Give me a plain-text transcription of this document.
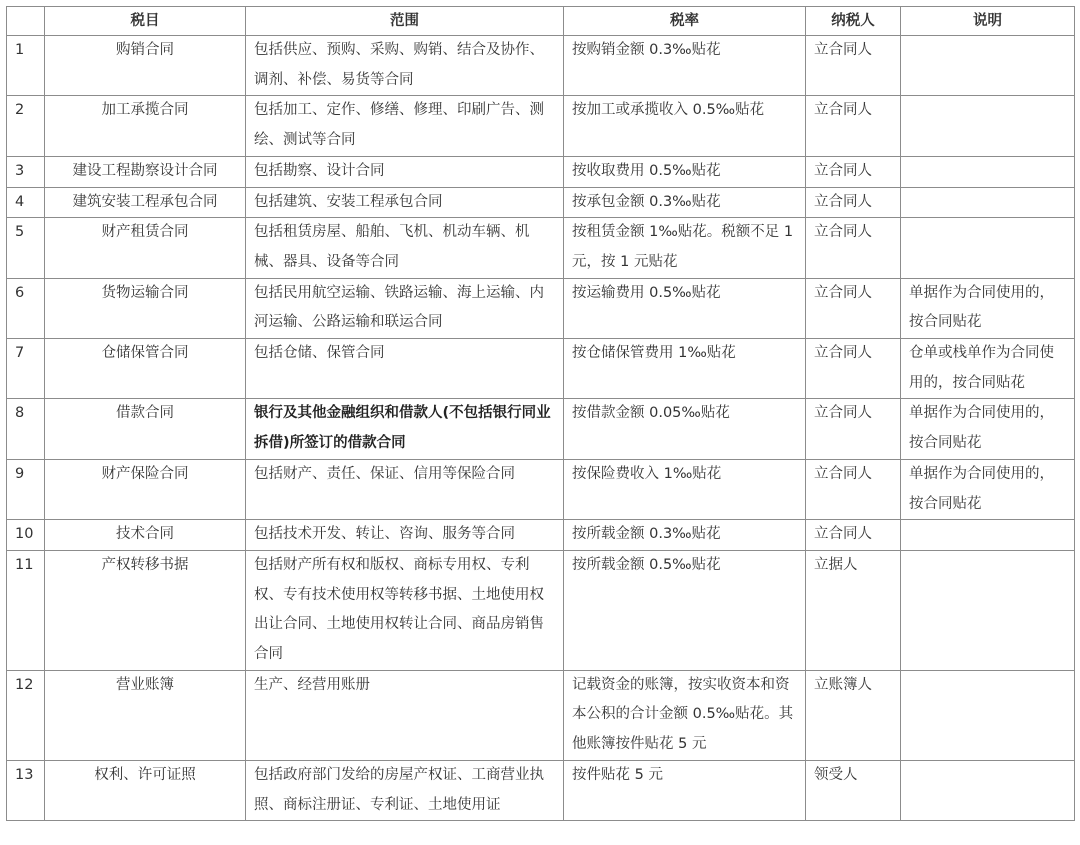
	税目	范围	税率	纳税人	说明
1	购销合同	包括供应、预购、采购、购销、结合及协作、调剂、补偿、易货等合同	按购销金额 0.3‰贴花	立合同人	
2	加工承揽合同	包括加工、定作、修缮、修理、印刷广告、测绘、测试等合同	按加工或承揽收入 0.5‰贴花	立合同人	
3	建设工程勘察设计合同	包括勘察、设计合同	按收取费用 0.5‰贴花	立合同人	
4	建筑安装工程承包合同	包括建筑、安装工程承包合同	按承包金额 0.3‰贴花	立合同人	
5	财产租赁合同	包括租赁房屋、船舶、飞机、机动车辆、机械、器具、设备等合同	按租赁金额 1‰贴花。税额不足 1 元，按 1 元贴花	立合同人	
6	货物运输合同	包括民用航空运输、铁路运输、海上运输、内河运输、公路运输和联运合同	按运输费用 0.5‰贴花	立合同人	单据作为合同使用的，按合同贴花
7	仓储保管合同	包括仓储、保管合同	按仓储保管费用 1‰贴花	立合同人	仓单或栈单作为合同使用的，按合同贴花
8	借款合同	银行及其他金融组织和借款人(不包括银行同业拆借)所签订的借款合同	按借款金额 0.05‰贴花	立合同人	单据作为合同使用的，按合同贴花
9	财产保险合同	包括财产、责任、保证、信用等保险合同	按保险费收入 1‰贴花	立合同人	单据作为合同使用的，按合同贴花
10	技术合同	包括技术开发、转让、咨询、服务等合同	按所载金额 0.3‰贴花	立合同人	
11	产权转移书据	包括财产所有权和版权、商标专用权、专利权、专有技术使用权等转移书据、土地使用权出让合同、土地使用权转让合同、商品房销售合同	按所载金额 0.5‰贴花	立据人	
12	营业账簿	生产、经营用账册	记载资金的账簿，按实收资本和资本公积的合计金额 0.5‰贴花。其他账簿按件贴花 5 元	立账簿人	
13	权利、许可证照	包括政府部门发给的房屋产权证、工商营业执照、商标注册证、专利证、土地使用证	按件贴花 5 元	领受人	
